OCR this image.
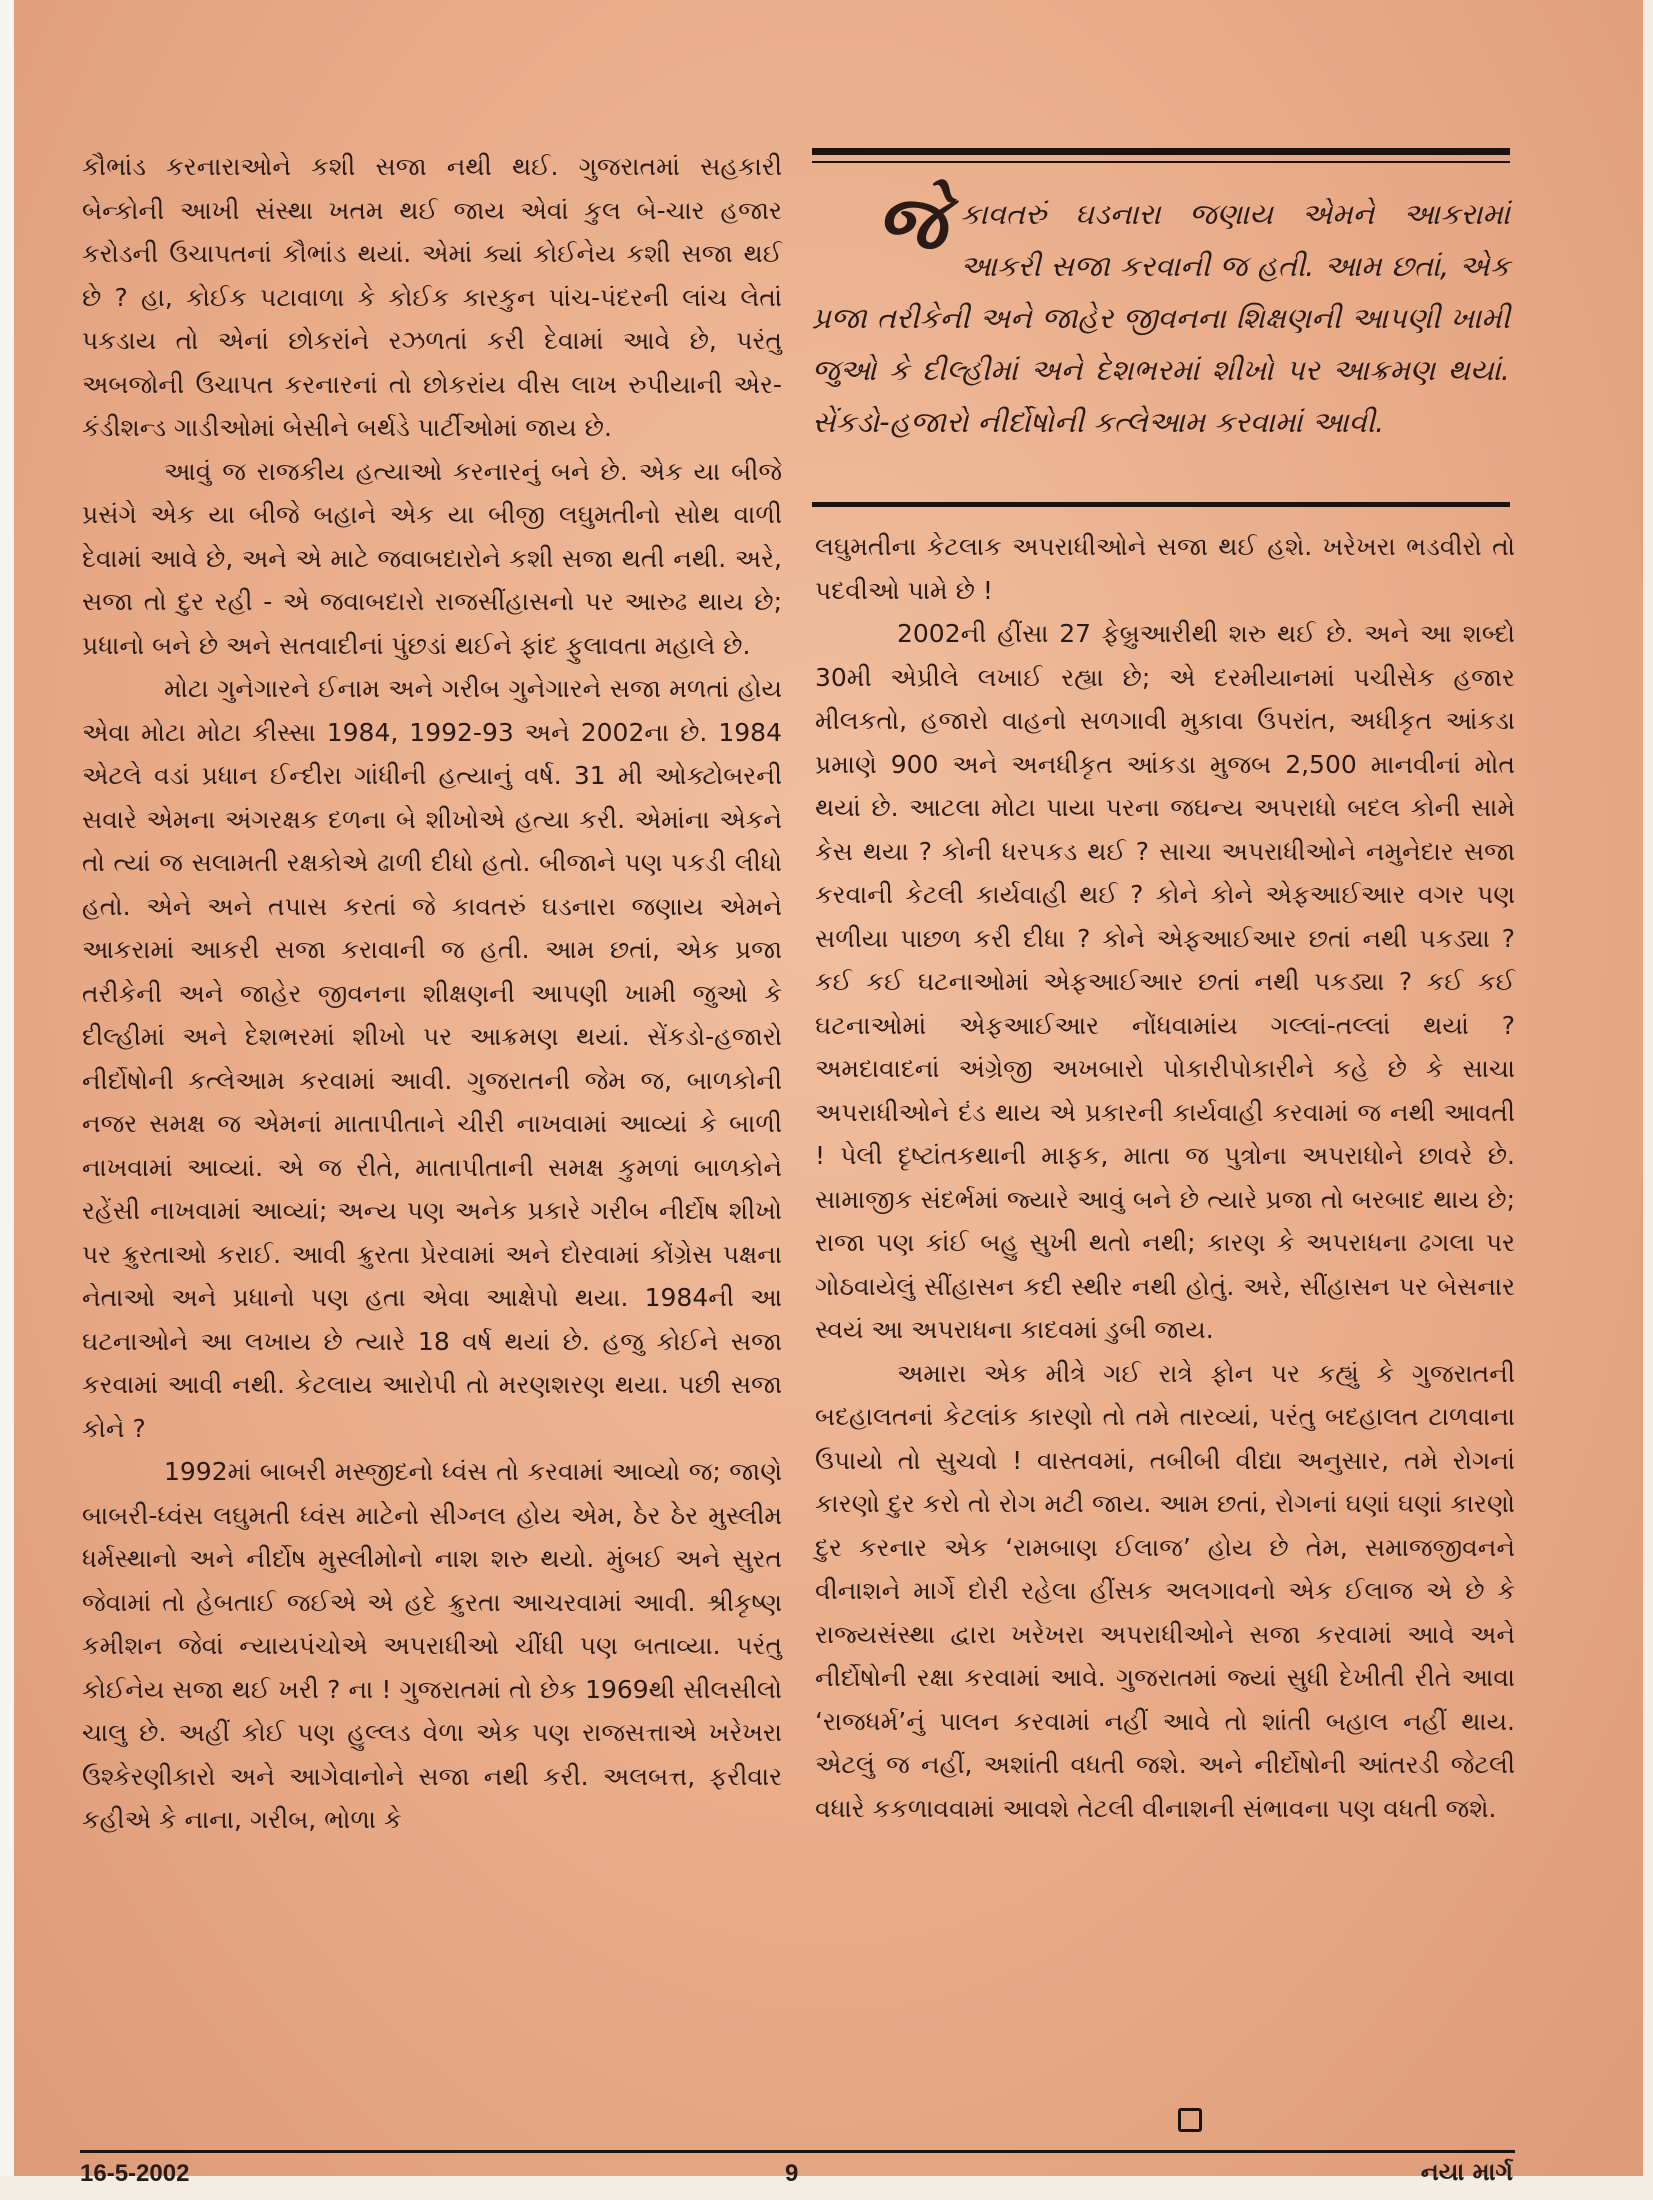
કૌભાંડ કરનારાઓને કશી સજા નથી થઈ. ગુજરાતમાં સહકારી બેન્કોની આખી સંસ્થા ખતમ થઈ જાય એવાં કુલ બે-ચાર હજાર કરોડની ઉચાપતનાં કૌભાંડ થયાં. એમાં ક્યાં કોઈનેય કશી સજા થઈ છે ? હા, કોઈક પટાવાળા કે કોઈક કારકુન પાંચ-પંદરની લાંચ લેતાં પકડાય તો એનાં છોકરાંને રઝળતાં કરી દેવામાં આવે છે, પરંતુ અબજોની ઉચાપત કરનારનાં તો છોકરાંય વીસ લાખ રુપીયાની એર-કંડીશન્ડ ગાડીઓમાં બેસીને બર્થડે પાર્ટીઓમાં જાય છે.

આવું જ રાજકીય હત્યાઓ કરનારનું બને છે. એક યા બીજે પ્રસંગે એક યા બીજે બહાને એક યા બીજી લઘુમતીનો સોથ વાળી દેવામાં આવે છે, અને એ માટે જવાબદારોને કશી સજા થતી નથી. અરે, સજા તો દુર રહી - એ જવાબદારો રાજસીંહાસનો પર આરુઢ થાય છે; પ્રધાનો બને છે અને સતવાદીનાં પુંછડાં થઈને ફાંદ ફુલાવતા મહાલે છે.

મોટા ગુનેગારને ઈનામ અને ગરીબ ગુનેગારને સજા મળતાં હોય એવા મોટા મોટા કીસ્સા 1984, 1992-93 અને 2002ના છે. 1984 એટલે વડાં પ્રધાન ઈન્દીરા ગાંધીની હત્યાનું વર્ષ. 31 મી ઓક્ટોબરની સવારે એમના અંગરક્ષક દળના બે શીખોએ હત્યા કરી. એમાંના એકને તો ત્યાં જ સલામતી રક્ષકોએ ઢાળી દીધો હતો. બીજાને પણ પકડી લીધો હતો. એને અને તપાસ કરતાં જે કાવતરું ઘડનારા જણાય એમને આકરામાં આકરી સજા કરાવાની જ હતી. આમ છતાં, એક પ્રજા તરીકેની અને જાહેર જીવનના શીક્ષણની આપણી ખામી જુઓ કે દીલ્હીમાં અને દેશભરમાં શીખો પર આક્રમણ થયાં. સેંકડો-હજારો નીર્દોષોની કત્લેઆમ કરવામાં આવી. ગુજરાતની જેમ જ, બાળકોની નજર સમક્ષ જ એમનાં માતાપીતાને ચીરી નાખવામાં આવ્યાં કે બાળી નાખવામાં આવ્યાં. એ જ રીતે, માતાપીતાની સમક્ષ કુમળાં બાળકોને રહેંસી નાખવામાં આવ્યાં; અન્ય પણ અનેક પ્રકારે ગરીબ નીર્દોષ શીખો પર ક્રુરતાઓ કરાઈ. આવી ક્રુરતા પ્રેરવામાં અને દોરવામાં કોંગ્રેસ પક્ષના નેતાઓ અને પ્રધાનો પણ હતા એવા આક્ષેપો થયા. 1984ની આ ઘટનાઓને આ લખાય છે ત્યારે 18 વર્ષ થયાં છે. હજુ કોઈને સજા કરવામાં આવી નથી. કેટલાય આરોપી તો મરણશરણ થયા. પછી સજા કોને ?

1992માં બાબરી મસ્જીદનો ધ્વંસ તો કરવામાં આવ્યો જ; જાણે બાબરી-ધ્વંસ લઘુમતી ધ્વંસ માટેનો સીગ્નલ હોય એમ, ઠેર ઠેર મુસ્લીમ ધર્મસ્થાનો અને નીર્દોષ મુસ્લીમોનો નાશ શરુ થયો. મુંબઈ અને સુરત જેવામાં તો હેબતાઈ જઈએ એ હદે ક્રુરતા આચરવામાં આવી. શ્રીકૃષ્ણ કમીશન જેવાં ન્યાયપંચોએ અપરાધીઓ ચીંધી પણ બતાવ્યા. પરંતુ કોઈનેય સજા થઈ ખરી ? ના ! ગુજરાતમાં તો છેક 1969થી સીલસીલો ચાલુ છે. અહીં કોઈ પણ હુલ્લડ વેળા એક પણ રાજસત્તાએ ખરેખરા ઉશ્કેરણીકારો અને આગેવાનોને સજા નથી કરી. અલબત્ત, ફરીવાર કહીએ કે નાના, ગરીબ, ભોળા કે

જેકાવતરું ઘડનારા જણાય એમને આકરામાં આકરી સજા કરવાની જ હતી. આમ છતાં, એક પ્રજા તરીકેની અને જાહેર જીવનના શિક્ષણની આપણી ખામી જુઓ કે દીલ્હીમાં અને દેશભરમાં શીખો પર આક્રમણ થયાં. સેંકડો-હજારો નીર્દોષોની કત્લેઆમ કરવામાં આવી.

લઘુમતીના કેટલાક અપરાધીઓને સજા થઈ હશે. ખરેખરા ભડવીરો તો પદવીઓ પામે છે !

2002ની હીંસા 27 ફેબ્રુઆરીથી શરુ થઈ છે. અને આ શબ્દો 30મી એપ્રીલે લખાઈ રહ્યા છે; એ દરમીયાનમાં પચીસેક હજાર મીલકતો, હજારો વાહનો સળગાવી મુકાવા ઉપરાંત, અધીકૃત આંકડા પ્રમાણે 900 અને અનધીકૃત આંકડા મુજબ 2,500 માનવીનાં મોત થયાં છે. આટલા મોટા પાયા પરના જઘન્ય અપરાધો બદલ કોની સામે કેસ થયા ? કોની ધરપકડ થઈ ? સાચા અપરાધીઓને નમુનેદાર સજા કરવાની કેટલી કાર્યવાહી થઈ ? કોને કોને એફઆઈઆર વગર પણ સળીયા પાછળ કરી દીધા ? કોને એફઆઈઆર છતાં નથી પકડ્યા ? કઈ કઈ ઘટનાઓમાં એફઆઈઆર છતાં નથી પકડ્યા ? કઈ કઈ ઘટનાઓમાં એફઆઈઆર નોંધવામાંય ગલ્લાં-તલ્લાં થયાં ? અમદાવાદનાં અંગ્રેજી અખબારો પોકારીપોકારીને કહે છે કે સાચા અપરાધીઓને દંડ થાય એ પ્રકારની કાર્યવાહી કરવામાં જ નથી આવતી ! પેલી દૃષ્ટાંતકથાની માફક, માતા જ પુત્રોના અપરાધોને છાવરે છે. સામાજીક સંદર્ભમાં જ્યારે આવું બને છે ત્યારે પ્રજા તો બરબાદ થાય છે; રાજા પણ કાંઈ બહુ સુખી થતો નથી; કારણ કે અપરાધના ઢગલા પર ગોઠવાયેલું સીંહાસન કદી સ્થીર નથી હોતું. અરે, સીંહાસન પર બેસનાર સ્વયં આ અપરાધના કાદવમાં ડુબી જાય.

અમારા એક મીત્રે ગઈ રાત્રે ફોન પર કહ્યું કે ગુજરાતની બદહાલતનાં કેટલાંક કારણો તો તમે તારવ્યાં, પરંતુ બદહાલત ટાળવાના ઉપાયો તો સુચવો ! વાસ્તવમાં, તબીબી વીદ્યા અનુસાર, તમે રોગનાં કારણો દુર કરો તો રોગ મટી જાય. આમ છતાં, રોગનાં ઘણાં ઘણાં કારણો દુર કરનાર એક ‘રામબાણ ઈલાજ’ હોય છે તેમ, સમાજજીવનને વીનાશને માર્ગે દોરી રહેલા હીંસક અલગાવનો એક ઈલાજ એ છે કે રાજ્યસંસ્થા દ્વારા ખરેખરા અપરાધીઓને સજા કરવામાં આવે અને નીર્દોષોની રક્ષા કરવામાં આવે. ગુજરાતમાં જ્યાં સુધી દેખીતી રીતે આવા ‘રાજધર્મ’નું પાલન કરવામાં નહીં આવે તો શાંતી બહાલ નહીં થાય. એટલું જ નહીં, અશાંતી વધતી જશે. અને નીર્દોષોની આંતરડી જેટલી વધારે કકળાવવામાં આવશે તેટલી વીનાશની સંભાવના પણ વધતી જશે.

16-5-2002	9	નયા માર્ગ
